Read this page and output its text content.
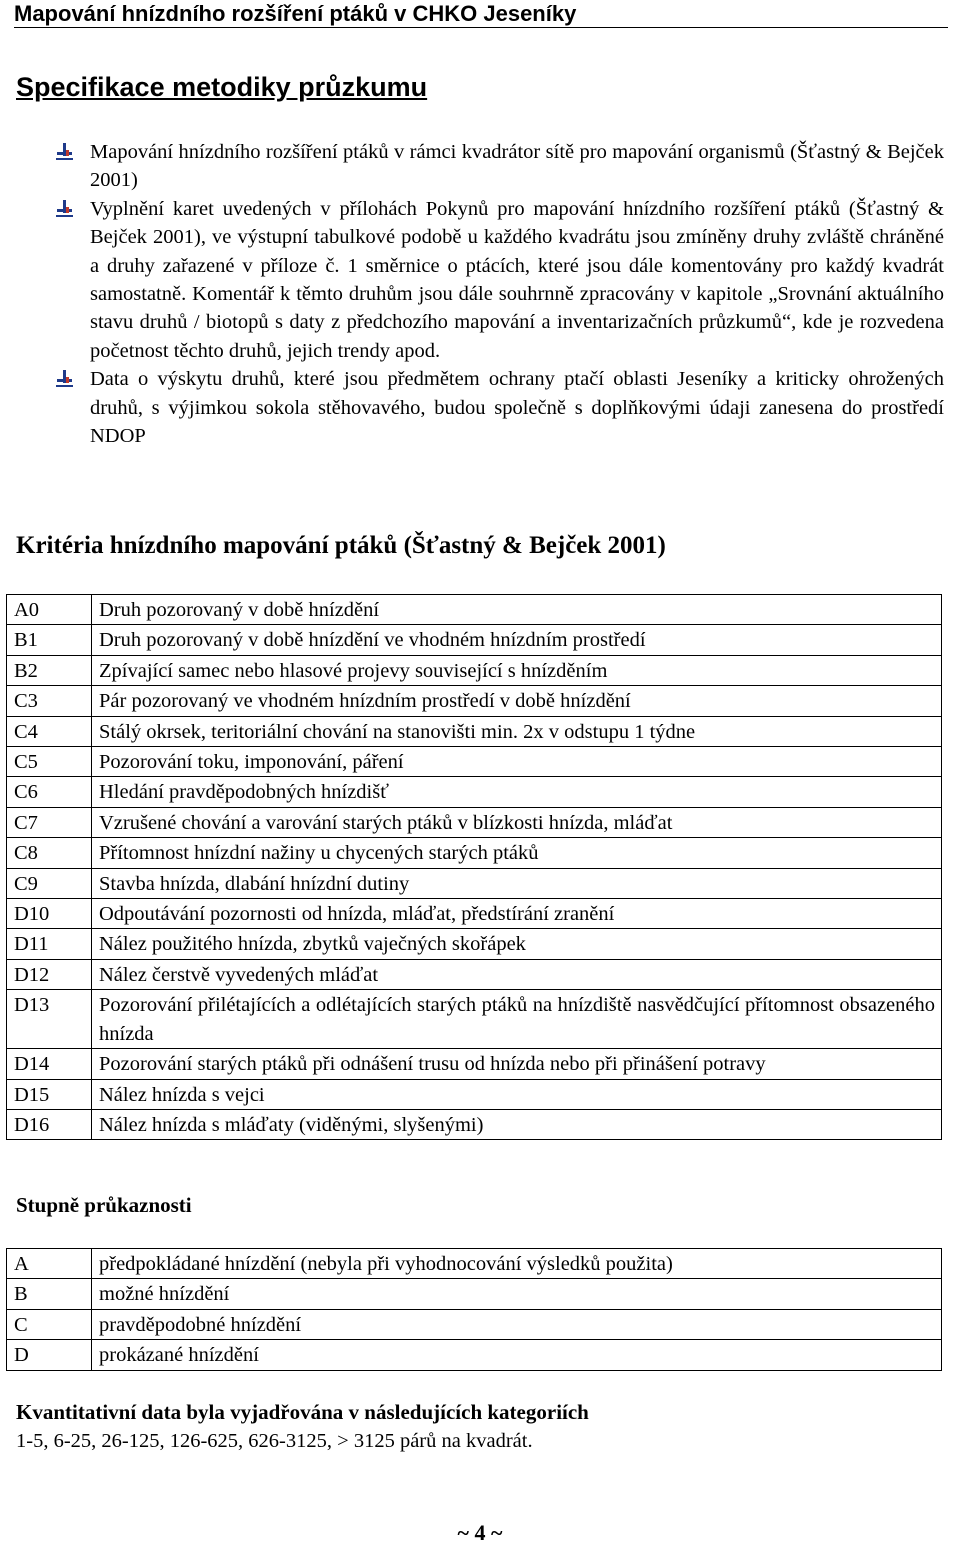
Mapování hnízdního rozšíření ptáků v CHKO Jeseníky
Specifikace metodiky průzkumu
Mapování hnízdního rozšíření ptáků v rámci kvadrátor sítě pro mapování organismů (Šťastný & Bejček 2001)
Vyplnění karet uvedených v přílohách Pokynů pro mapování hnízdního rozšíření ptáků (Šťastný & Bejček 2001), ve výstupní tabulkové podobě u každého kvadrátu jsou zmíněny druhy zvláště chráněné a druhy zařazené v příloze č. 1 směrnice o ptácích, které jsou dále komentovány pro každý kvadrát samostatně. Komentář k těmto druhům jsou dále souhrnně zpracovány v kapitole „Srovnání aktuálního stavu druhů / biotopů s daty z předchozího mapování a inventarizačních průzkumů“, kde je rozvedena početnost těchto druhů, jejich trendy apod.
Data o výskytu druhů, které jsou předmětem ochrany ptačí oblasti Jeseníky a kriticky ohrožených druhů, s výjimkou sokola stěhovavého, budou společně s doplňkovými údaji zanesena do prostředí NDOP
Kritéria hnízdního mapování ptáků (Šťastný & Bejček 2001)
A0	Druh pozorovaný v době hnízdění
B1	Druh pozorovaný v době hnízdění ve vhodném hnízdním prostředí
B2	Zpívající samec nebo hlasové projevy související s hnízděním
C3	Pár pozorovaný ve vhodném hnízdním prostředí v době hnízdění
C4	Stálý okrsek, teritoriální chování na stanovišti min. 2x v odstupu 1 týdne
C5	Pozorování toku, imponování, páření
C6	Hledání pravděpodobných hnízdišť
C7	Vzrušené chování a varování starých ptáků v blízkosti hnízda, mláďat
C8	Přítomnost hnízdní nažiny u chycených starých ptáků
C9	Stavba hnízda, dlabání hnízdní dutiny
D10	Odpoutávání pozornosti od hnízda, mláďat, předstírání zranění
D11	Nález použitého hnízda, zbytků vaječných skořápek
D12	Nález čerstvě vyvedených mláďat
D13	Pozorování přilétajících a odlétajících starých ptáků na hnízdiště nasvědčující přítomnost obsazeného hnízda
D14	Pozorování starých ptáků při odnášení trusu od hnízda nebo při přinášení potravy
D15	Nález hnízda s vejci
D16	Nález hnízda s mláďaty (viděnými, slyšenými)
Stupně průkaznosti
A	předpokládané hnízdění (nebyla při vyhodnocování výsledků použita)
B	možné hnízdění
C	pravděpodobné hnízdění
D	prokázané hnízdění
Kvantitativní data byla vyjadřována v následujících kategoriích
1-5, 6-25, 26-125, 126-625, 626-3125, > 3125 párů na kvadrát.
~ 4 ~
